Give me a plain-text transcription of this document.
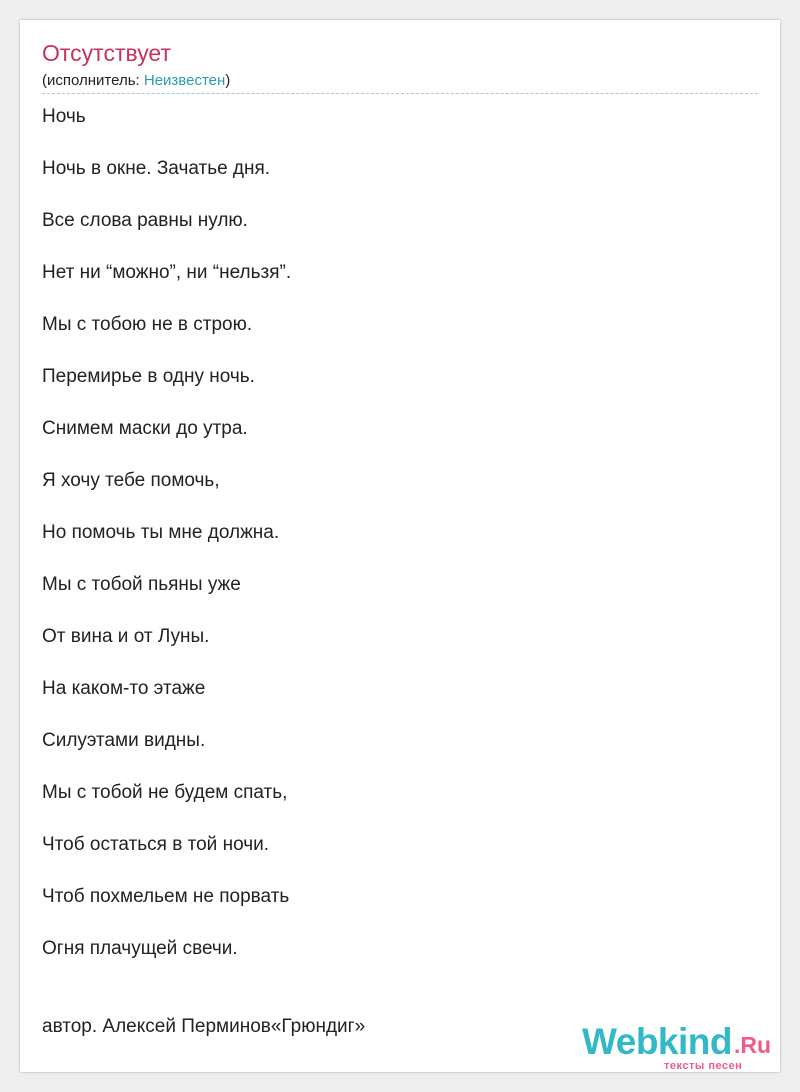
Отсутствует
(исполнитель: Неизвестен)
Ночь
Ночь в окне. Зачатье дня.
Все слова равны нулю.
Нет ни “можно”, ни “нельзя”.
Мы с тобою не в строю.
Перемирье в одну ночь.
Снимем маски до утра.
Я хочу тебе помочь,
Но помочь ты мне должна.
Мы с тобой пьяны уже
От вина и от Луны.
На каком-то этаже
Силуэтами видны.
Мы с тобой не будем спать,
Чтоб остаться в той ночи.
Чтоб похмельем не порвать
Огня плачущей свечи.
автор. Алексей Перминов«Грюндиг»	Webkind .Ru
тексты песен
